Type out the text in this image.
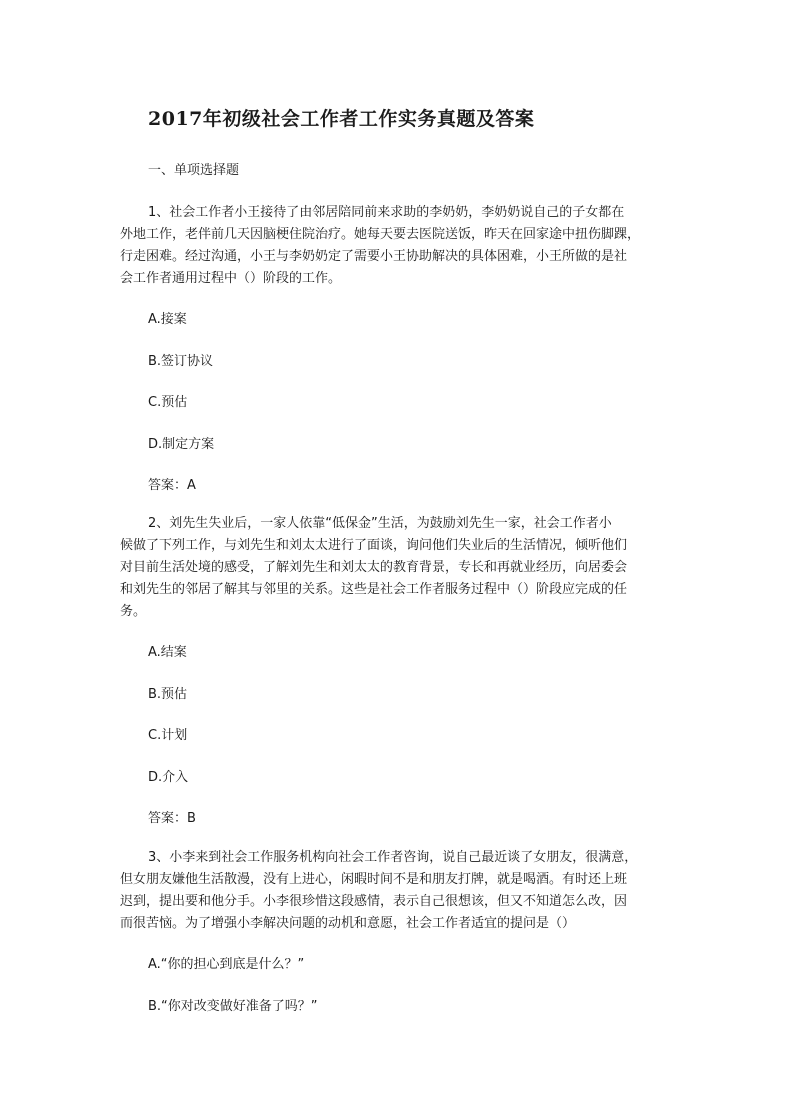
2017年初级社会工作者工作实务真题及答案
一、单项选择题
1、社会工作者小王接待了由邻居陪同前来求助的李奶奶，李奶奶说自己的子女都在
外地工作，老伴前几天因脑梗住院治疗。她每天要去医院送饭，昨天在回家途中扭伤脚踝，
行走困难。经过沟通，小王与李奶奶定了需要小王协助解决的具体困难，小王所做的是社
会工作者通用过程中（）阶段的工作。
A.接案
B.签订协议
C.预估
D.制定方案
答案：A
2、刘先生失业后，一家人依靠“低保金”生活，为鼓励刘先生一家，社会工作者小
候做了下列工作，与刘先生和刘太太进行了面谈，询问他们失业后的生活情况，倾听他们
对目前生活处境的感受，了解刘先生和刘太太的教育背景，专长和再就业经历，向居委会
和刘先生的邻居了解其与邻里的关系。这些是社会工作者服务过程中（）阶段应完成的任
务。
A.结案
B.预估
C.计划
D.介入
答案：B
3、小李来到社会工作服务机构向社会工作者咨询，说自己最近谈了女朋友，很满意，
但女朋友嫌他生活散漫，没有上进心，闲暇时间不是和朋友打牌，就是喝酒。有时还上班
迟到，提出要和他分手。小李很珍惜这段感情，表示自己很想该，但又不知道怎么改，因
而很苦恼。为了增强小李解决问题的动机和意愿，社会工作者适宜的提问是（）
A.“你的担心到底是什么？”
B.“你对改变做好准备了吗？”
